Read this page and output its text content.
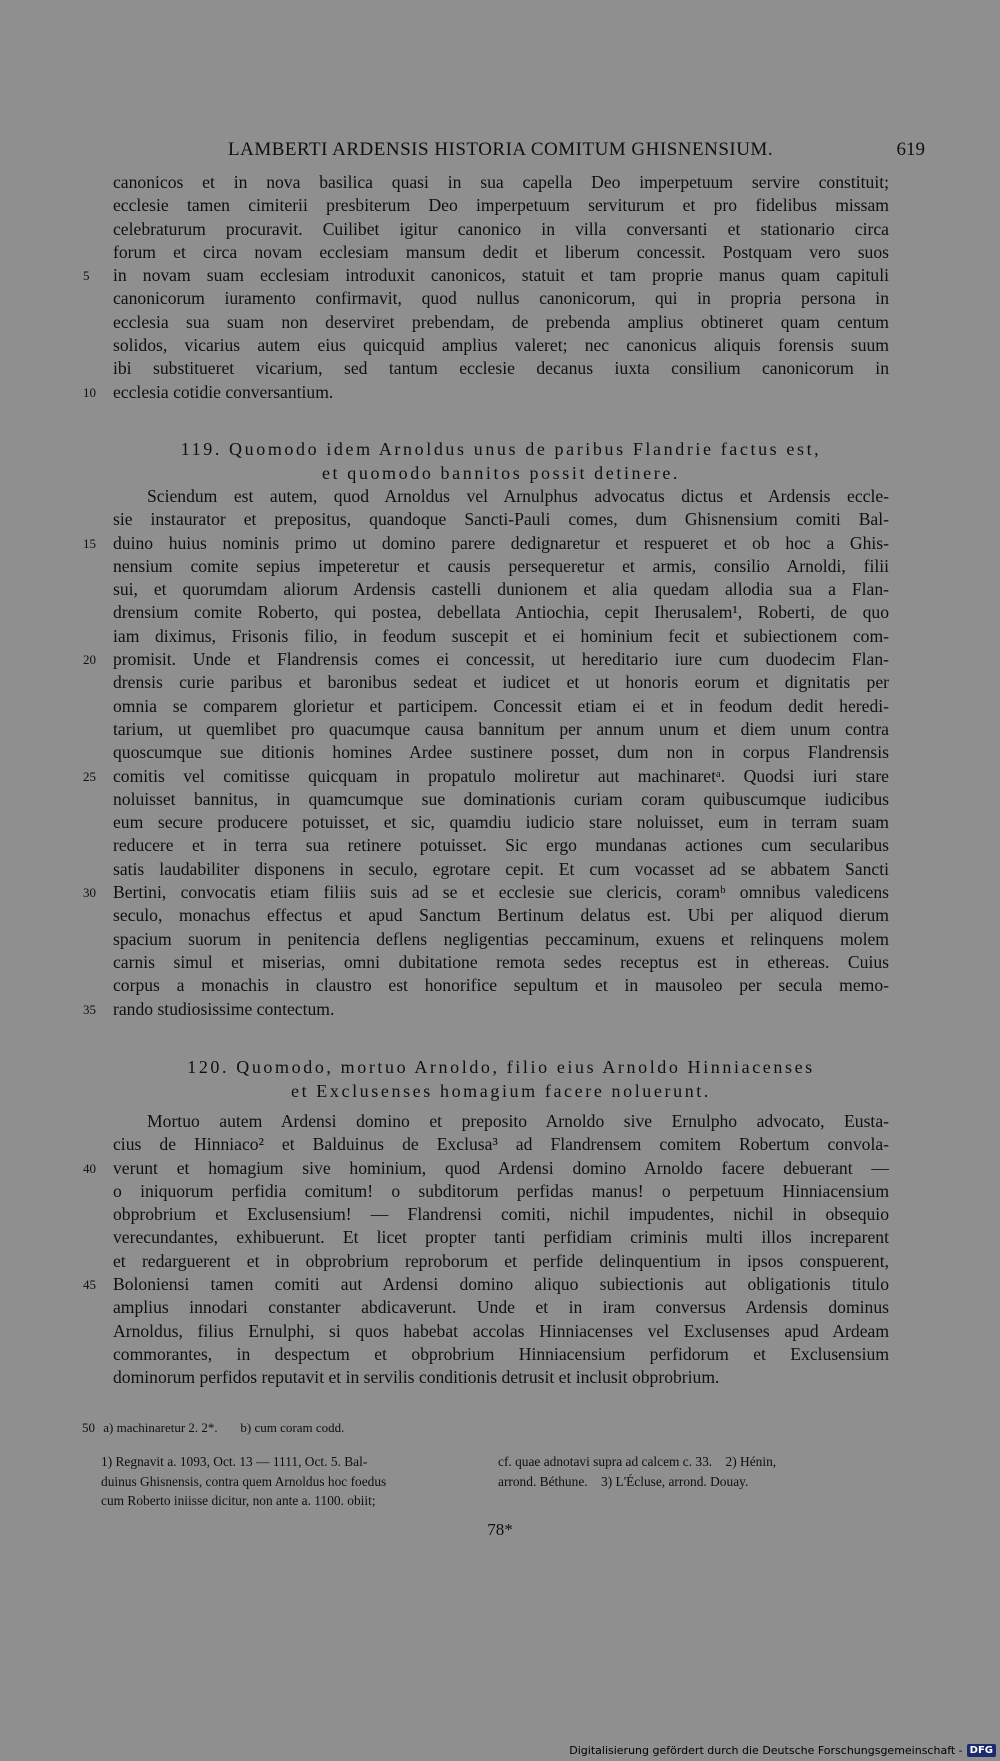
LAMBERTI ARDENSIS HISTORIA COMITUM GHISNENSIUM.	619
canonicos et in nova basilica quasi in sua capella Deo imperpetuum servire constituit;
ecclesie tamen cimiterii presbiterum Deo imperpetuum serviturum et pro fidelibus missam
celebraturum procuravit. Cuilibet igitur canonico in villa conversanti et stationario circa
forum et circa novam ecclesiam mansum dedit et liberum concessit. Postquam vero suos
5	in novam suam ecclesiam introduxit canonicos, statuit et tam proprie manus quam capituli
canonicorum iuramento confirmavit, quod nullus canonicorum, qui in propria persona in
ecclesia sua suam non deserviret prebendam, de prebenda amplius obtineret quam centum
solidos, vicarius autem eius quicquid amplius valeret; nec canonicus aliquis forensis suum
ibi substitueret vicarium, sed tantum ecclesie decanus iuxta consilium canonicorum in
10 ecclesia cotidie conversantium.
119. Quomodo idem Arnoldus unus de paribus Flandrie factus est,
et quomodo bannitos possit detinere.
Sciendum est autem, quod Arnoldus vel Arnulphus advocatus dictus et Ardensis eccle-
sie instaurator et prepositus, quandoque Sancti-Pauli comes, dum Ghisnensium comiti Bal-
15 duino huius nominis primo ut domino parere dedignaretur et respueret et ob hoc a Ghis-
nensium comite sepius impeteretur et causis persequeretur et armis, consilio Arnoldi, filii
sui, et quorumdam aliorum Ardensis castelli dunionem et alia quedam allodia sua a Flan-
drensium comite Roberto, qui postea, debellata Antiochia, cepit Iherusalem¹, Roberti, de quo
iam diximus, Frisonis filio, in feodum suscepit et ei hominium fecit et subiectionem com-
20 promisit. Unde et Flandrensis comes ei concessit, ut hereditario iure cum duodecim Flan-
drensis curie paribus et baronibus sedeat et iudicet et ut honoris eorum et dignitatis per
omnia se comparem glorietur et participem. Concessit etiam ei et in feodum dedit heredi-
tarium, ut quemlibet pro quacumque causa bannitum per annum unum et diem unum contra
quoscumque sue ditionis homines Ardee sustinere posset, dum non in corpus Flandrensis
25 comitis vel comitisse quicquam in propatulo moliretur aut machinaretᵃ. Quodsi iuri stare
noluisset bannitus, in quamcumque sue dominationis curiam coram quibuscumque iudicibus
eum secure producere potuisset, et sic, quamdiu iudicio stare noluisset, eum in terram suam
reducere et in terra sua retinere potuisset. Sic ergo mundanas actiones cum secularibus
satis laudabiliter disponens in seculo, egrotare cepit. Et cum vocasset ad se abbatem Sancti
30 Bertini, convocatis etiam filiis suis ad se et ecclesie sue clericis, coramᵇ omnibus valedicens
seculo, monachus effectus et apud Sanctum Bertinum delatus est. Ubi per aliquod dierum
spacium suorum in penitencia deflens negligentias peccaminum, exuens et relinquens molem
carnis simul et miserias, omni dubitatione remota sedes receptus est in ethereas. Cuius
corpus a monachis in claustro est honorifice sepultum et in mausoleo per secula memo-
35 rando studiosissime contectum.
120. Quomodo, mortuo Arnoldo, filio eius Arnoldo Hinniacenses
et Exclusenses homagium facere noluerunt.
Mortuo autem Ardensi domino et preposito Arnoldo sive Ernulpho advocato, Eusta-
cius de Hinniaco² et Balduinus de Exclusa³ ad Flandrensem comitem Robertum convola-
40 verunt et homagium sive hominium, quod Ardensi domino Arnoldo facere debuerant —
o iniquorum perfidia comitum! o subditorum perfidas manus! o perpetuum Hinniacensium
obprobrium et Exclusensium! — Flandrensi comiti, nichil impudentes, nichil in obsequio
verecundantes, exhibuerunt. Et licet propter tanti perfidiam criminis multi illos increparent
et redarguerent et in obprobrium reproborum et perfide delinquentium in ipsos conspuerent,
45 Boloniensi tamen comiti aut Ardensi domino aliquo subiectionis aut obligationis titulo
amplius innodari constanter abdicaverunt. Unde et in iram conversus Ardensis dominus
Arnoldus, filius Ernulphi, si quos habebat accolas Hinniacenses vel Exclusenses apud Ardeam
commorantes, in despectum et obprobrium Hinniacensium perfidorum et Exclusensium
dominorum perfidos reputavit et in servilis conditionis detrusit et inclusit obprobrium.
50 a) machinaretur 2. 2*.       b) cum coram codd.
1) Regnavit a. 1093, Oct. 13 — 1111, Oct. 5. Bal-
duinus Ghisnensis, contra quem Arnoldus hoc foedus
cum Roberto iniisse dicitur, non ante a. 1100. obiit;
cf. quae adnotavi supra ad calcem c. 33.    2) Hénin,
arrond. Béthune.    3) L'Écluse, arrond. Douay.
78*
Digitalisierung gefördert durch die Deutsche Forschungsgemeinschaft - DFG
